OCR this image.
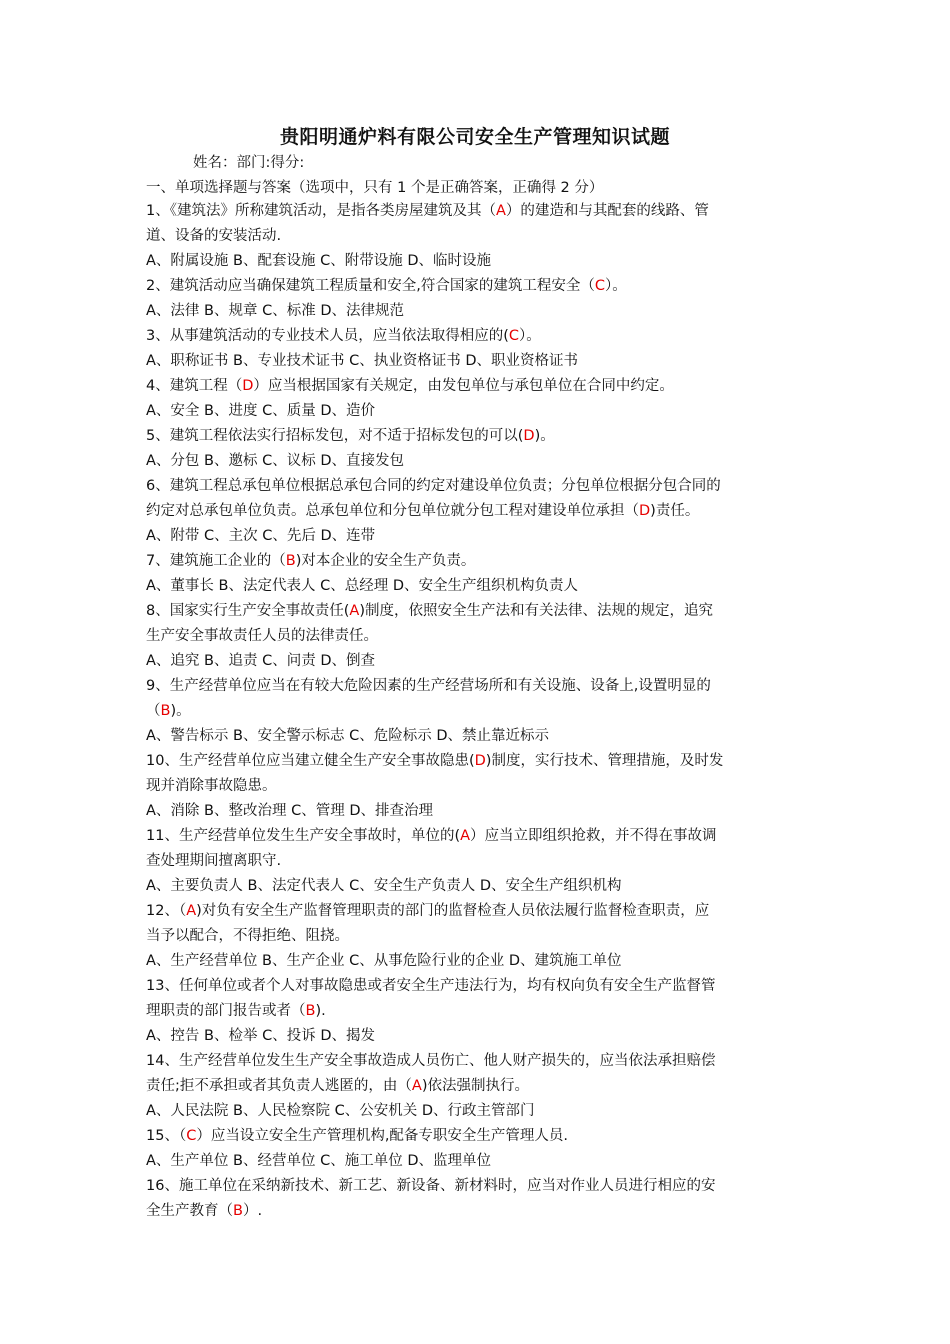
贵阳明通炉料有限公司安全生产管理知识试题
姓名：部门:得分:
一、单项选择题与答案（选项中，只有 1 个是正确答案，正确得 2 分）
1、《建筑法》所称建筑活动，是指各类房屋建筑及其（A）的建造和与其配套的线路、管
道、设备的安装活动.
A、附属设施 B、配套设施 C、附带设施 D、临时设施
2、建筑活动应当确保建筑工程质量和安全,符合国家的建筑工程安全（C）。
A、法律 B、规章 C、标准 D、法律规范
3、从事建筑活动的专业技术人员，应当依法取得相应的(C）。
A、职称证书 B、专业技术证书 C、执业资格证书 D、职业资格证书
4、建筑工程（D）应当根据国家有关规定，由发包单位与承包单位在合同中约定。
A、安全 B、进度 C、质量 D、造价
5、建筑工程依法实行招标发包，对不适于招标发包的可以(D)。
A、分包 B、邀标 C、议标 D、直接发包
6、建筑工程总承包单位根据总承包合同的约定对建设单位负责；分包单位根据分包合同的
约定对总承包单位负责。总承包单位和分包单位就分包工程对建设单位承担（D)责任。
A、附带 C、主次 C、先后 D、连带
7、建筑施工企业的（B)对本企业的安全生产负责。
A、董事长 B、法定代表人 C、总经理 D、安全生产组织机构负责人
8、国家实行生产安全事故责任(A)制度，依照安全生产法和有关法律、法规的规定，追究
生产安全事故责任人员的法律责任。
A、追究 B、追责 C、问责 D、倒查
9、生产经营单位应当在有较大危险因素的生产经营场所和有关设施、设备上,设置明显的
（B)。
A、警告标示 B、安全警示标志 C、危险标示 D、禁止靠近标示
10、生产经营单位应当建立健全生产安全事故隐患(D)制度，实行技术、管理措施，及时发
现并消除事故隐患。
A、消除 B、整改治理 C、管理 D、排查治理
11、生产经营单位发生生产安全事故时，单位的(A）应当立即组织抢救，并不得在事故调
查处理期间擅离职守.
A、主要负责人 B、法定代表人 C、安全生产负责人 D、安全生产组织机构
12、（A)对负有安全生产监督管理职责的部门的监督检查人员依法履行监督检查职责，应
当予以配合，不得拒绝、阻挠。
A、生产经营单位 B、生产企业 C、从事危险行业的企业 D、建筑施工单位
13、任何单位或者个人对事故隐患或者安全生产违法行为，均有权向负有安全生产监督管
理职责的部门报告或者（B).
A、控告 B、检举 C、投诉 D、揭发
14、生产经营单位发生生产安全事故造成人员伤亡、他人财产损失的，应当依法承担赔偿
责任;拒不承担或者其负责人逃匿的，由（A)依法强制执行。
A、人民法院 B、人民检察院 C、公安机关 D、行政主管部门
15、（C）应当设立安全生产管理机构,配备专职安全生产管理人员.
A、生产单位 B、经营单位 C、施工单位 D、监理单位
16、施工单位在采纳新技术、新工艺、新设备、新材料时，应当对作业人员进行相应的安
全生产教育（B）.
